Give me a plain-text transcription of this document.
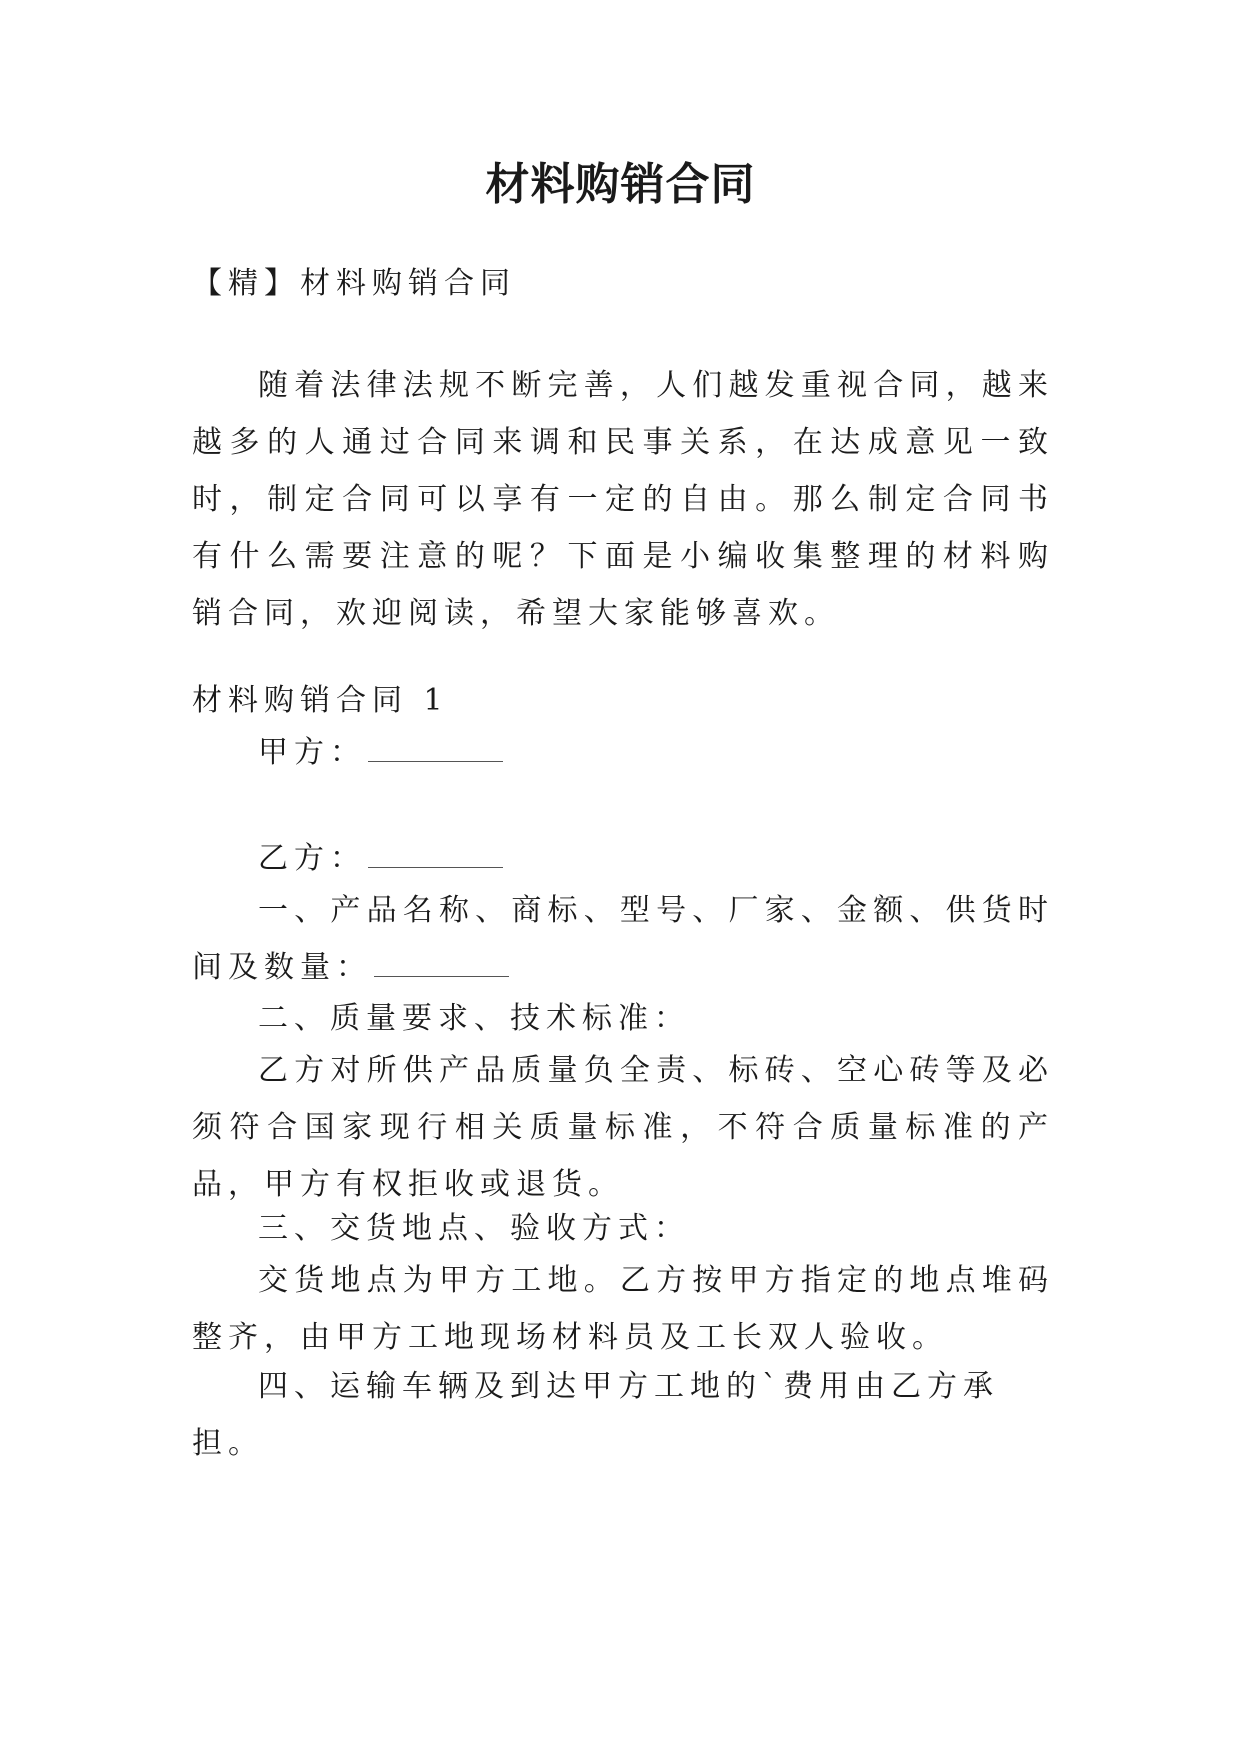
材料购销合同

【精】材料购销合同

随着法律法规不断完善，人们越发重视合同，越来越多的人通过合同来调和民事关系，在达成意见一致时，制定合同可以享有一定的自由。那么制定合同书有什么需要注意的呢？下面是小编收集整理的材料购销合同，欢迎阅读，希望大家能够喜欢。

材料购销合同 1

甲方：

乙方：

一、产品名称、商标、型号、厂家、金额、供货时间及数量：

二、质量要求、技术标准：

乙方对所供产品质量负全责、标砖、空心砖等及必须符合国家现行相关质量标准，不符合质量标准的产品，甲方有权拒收或退货。

三、交货地点、验收方式：

交货地点为甲方工地。乙方按甲方指定的地点堆码整齐，由甲方工地现场材料员及工长双人验收。

四、运输车辆及到达甲方工地的`费用由乙方承担。
